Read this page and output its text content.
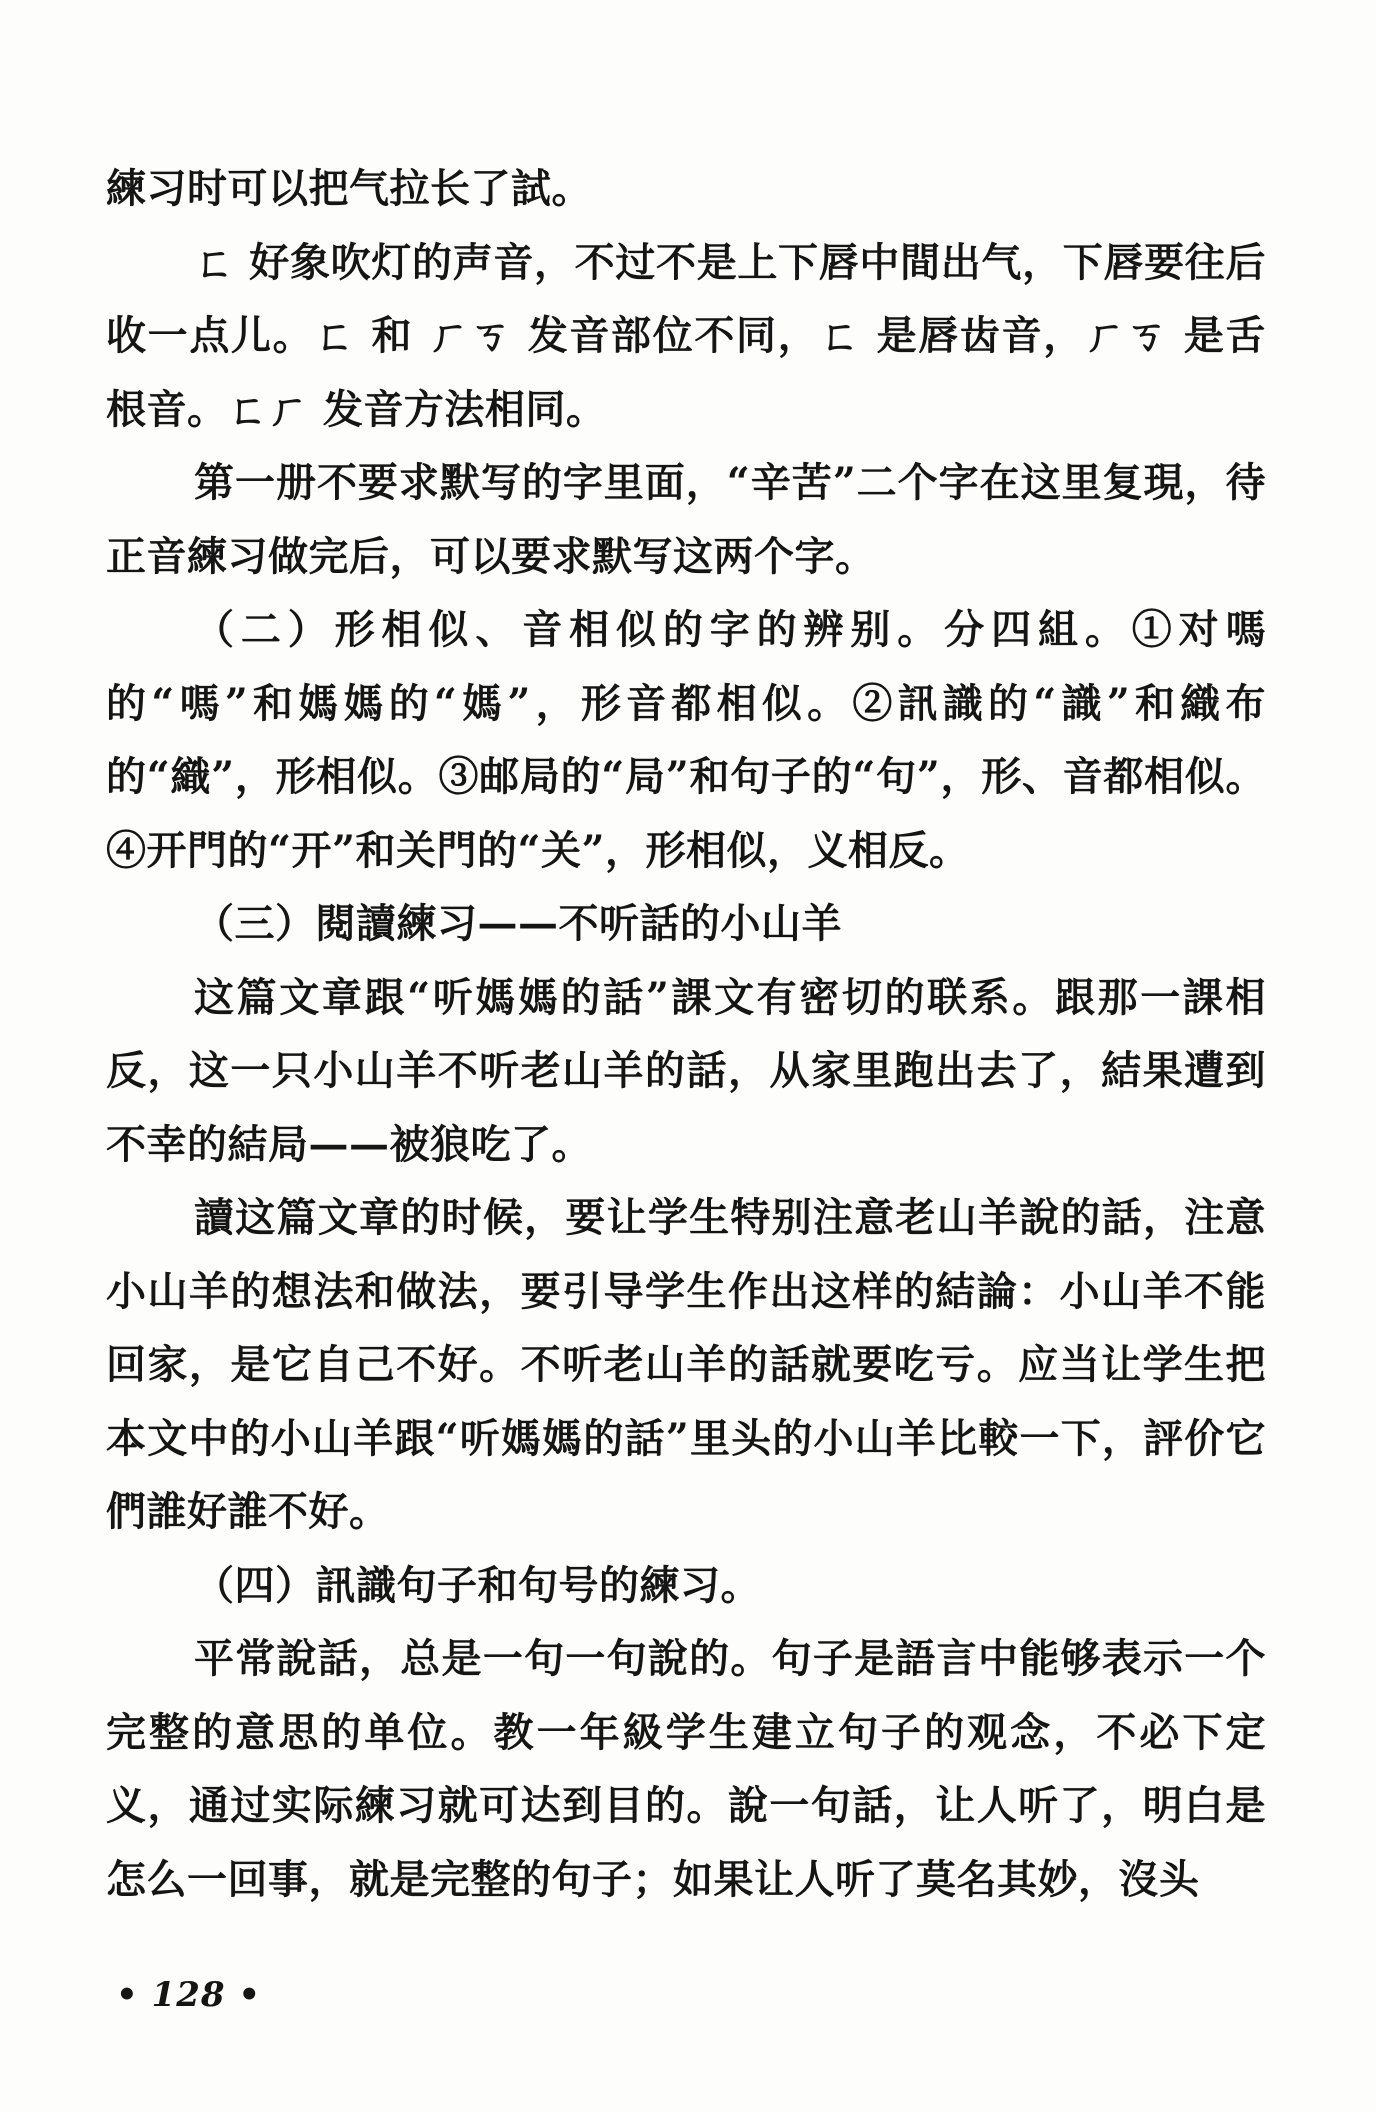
練习时可以把气拉长了試。

ㄈ 好象吹灯的声音，不过不是上下唇中間出气，下唇要往后收一点儿。ㄈ 和 ㄏㄎ 发音部位不同，ㄈ 是唇齿音，ㄏㄎ 是舌根音。ㄈㄏ 发音方法相同。

第一册不要求默写的字里面，“辛苦”二个字在这里复現，待正音練习做完后，可以要求默写这两个字。

（二）形相似、音相似的字的辨别。分四組。①对嗎的“嗎”和媽媽的“媽”，形音都相似。②訊識的“識”和織布的“織”，形相似。③邮局的“局”和句子的“句”，形、音都相似。④开門的“开”和关門的“关”，形相似，义相反。

（三）閱讀練习——不听話的小山羊

这篇文章跟“听媽媽的話”課文有密切的联系。跟那一課相反，这一只小山羊不听老山羊的話，从家里跑出去了，結果遭到不幸的結局——被狼吃了。

讀这篇文章的时候，要让学生特别注意老山羊說的話，注意小山羊的想法和做法，要引导学生作出这样的結論：小山羊不能回家，是它自己不好。不听老山羊的話就要吃亏。应当让学生把本文中的小山羊跟“听媽媽的話”里头的小山羊比較一下，評价它們誰好誰不好。

（四）訊識句子和句号的練习。

平常說話，总是一句一句說的。句子是語言中能够表示一个完整的意思的单位。教一年級学生建立句子的观念，不必下定义，通过实际練习就可达到目的。說一句話，让人听了，明白是怎么一回事，就是完整的句子；如果让人听了莫名其妙，沒头

• 128 •
